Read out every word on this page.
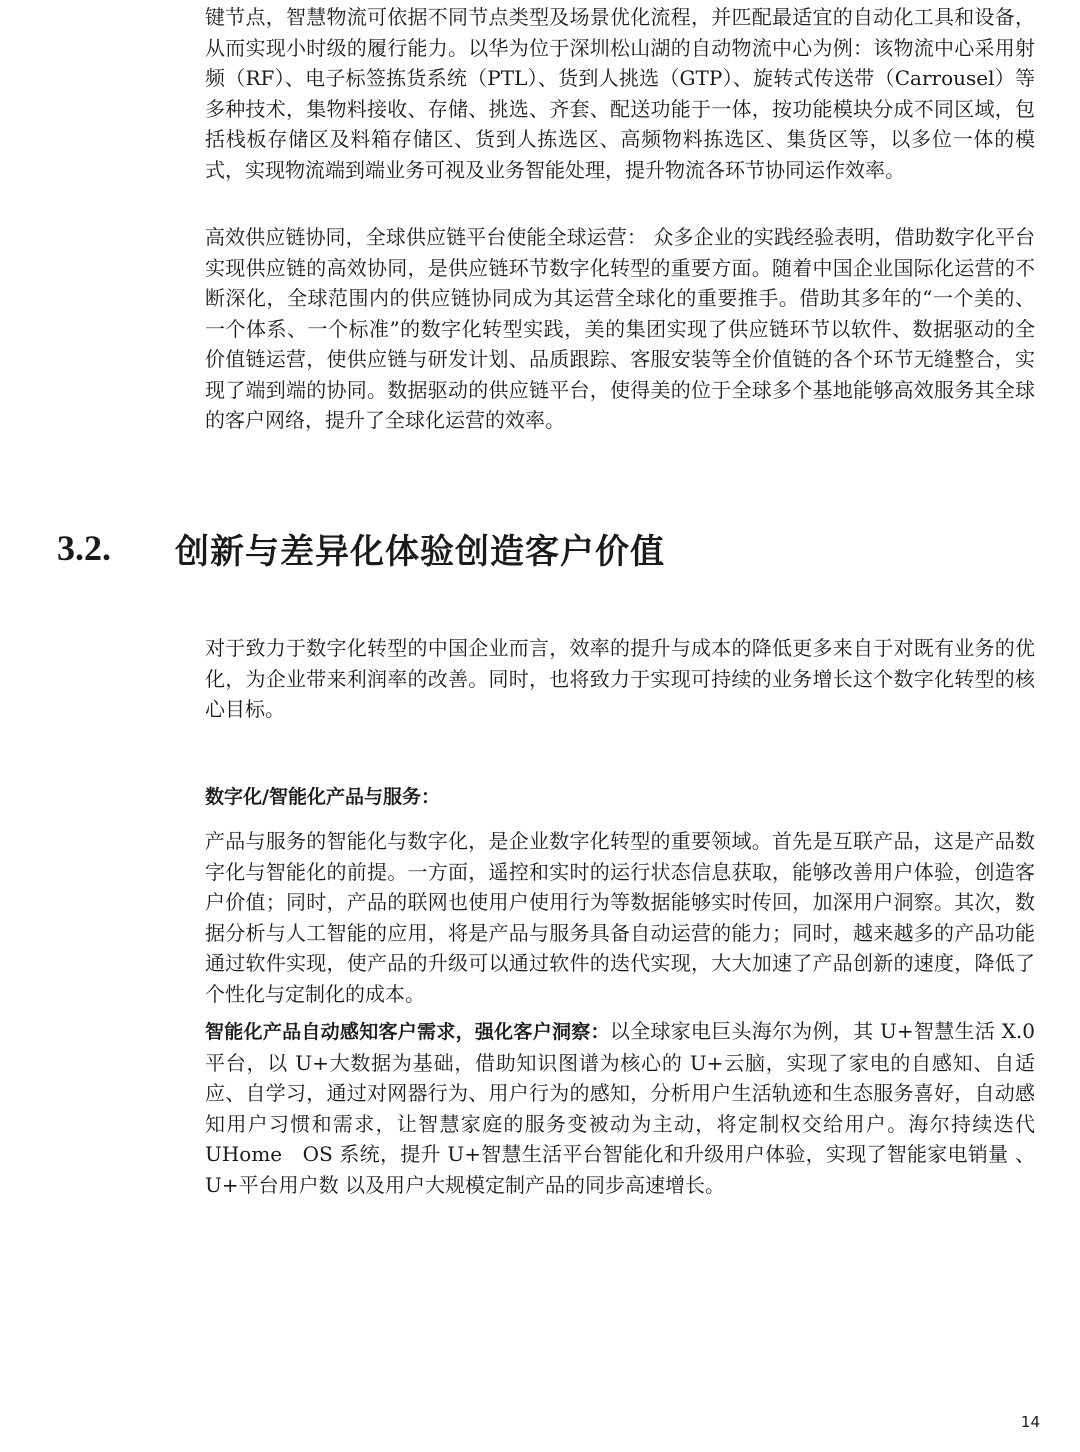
键节点，智慧物流可依据不同节点类型及场景优化流程，并匹配最适宜的自动化工具和设备，从而实现小时级的履行能力。以华为位于深圳松山湖的自动物流中心为例：该物流中心采用射频（RF）、电子标签拣货系统（PTL）、货到人挑选（GTP）、旋转式传送带（Carrousel）等多种技术，集物料接收、存储、挑选、齐套、配送功能于一体，按功能模块分成不同区域，包括栈板存储区及料箱存储区、货到人拣选区、高频物料拣选区、集货区等，以多位一体的模式，实现物流端到端业务可视及业务智能处理，提升物流各环节协同运作效率。

高效供应链协同，全球供应链平台使能全球运营： 众多企业的实践经验表明，借助数字化平台实现供应链的高效协同，是供应链环节数字化转型的重要方面。随着中国企业国际化运营的不断深化，全球范围内的供应链协同成为其运营全球化的重要推手。借助其多年的“一个美的、一个体系、一个标准”的数字化转型实践，美的集团实现了供应链环节以软件、数据驱动的全价值链运营，使供应链与研发计划、品质跟踪、客服安装等全价值链的各个环节无缝整合，实现了端到端的协同。数据驱动的供应链平台，使得美的位于全球多个基地能够高效服务其全球的客户网络，提升了全球化运营的效率。

3.2.	创新与差异化体验创造客户价值

对于致力于数字化转型的中国企业而言，效率的提升与成本的降低更多来自于对既有业务的优化，为企业带来利润率的改善。同时，也将致力于实现可持续的业务增长这个数字化转型的核心目标。

数字化/智能化产品与服务：

产品与服务的智能化与数字化，是企业数字化转型的重要领域。首先是互联产品，这是产品数字化与智能化的前提。一方面，遥控和实时的运行状态信息获取，能够改善用户体验，创造客户价值；同时，产品的联网也使用户使用行为等数据能够实时传回，加深用户洞察。其次，数据分析与人工智能的应用，将是产品与服务具备自动运营的能力；同时，越来越多的产品功能通过软件实现，使产品的升级可以通过软件的迭代实现，大大加速了产品创新的速度，降低了个性化与定制化的成本。

智能化产品自动感知客户需求，强化客户洞察：以全球家电巨头海尔为例，其 U+智慧生活 X.0 平台，以 U+大数据为基础，借助知识图谱为核心的 U+云脑，实现了家电的自感知、自适应、自学习，通过对网器行为、用户行为的感知，分析用户生活轨迹和生态服务喜好，自动感知用户习惯和需求，让智慧家庭的服务变被动为主动，将定制权交给用户。海尔持续迭代 UHome　OS 系统，提升 U+智慧生活平台智能化和升级用户体验，实现了智能家电销量 、U+平台用户数 以及用户大规模定制产品的同步高速增长。

14
